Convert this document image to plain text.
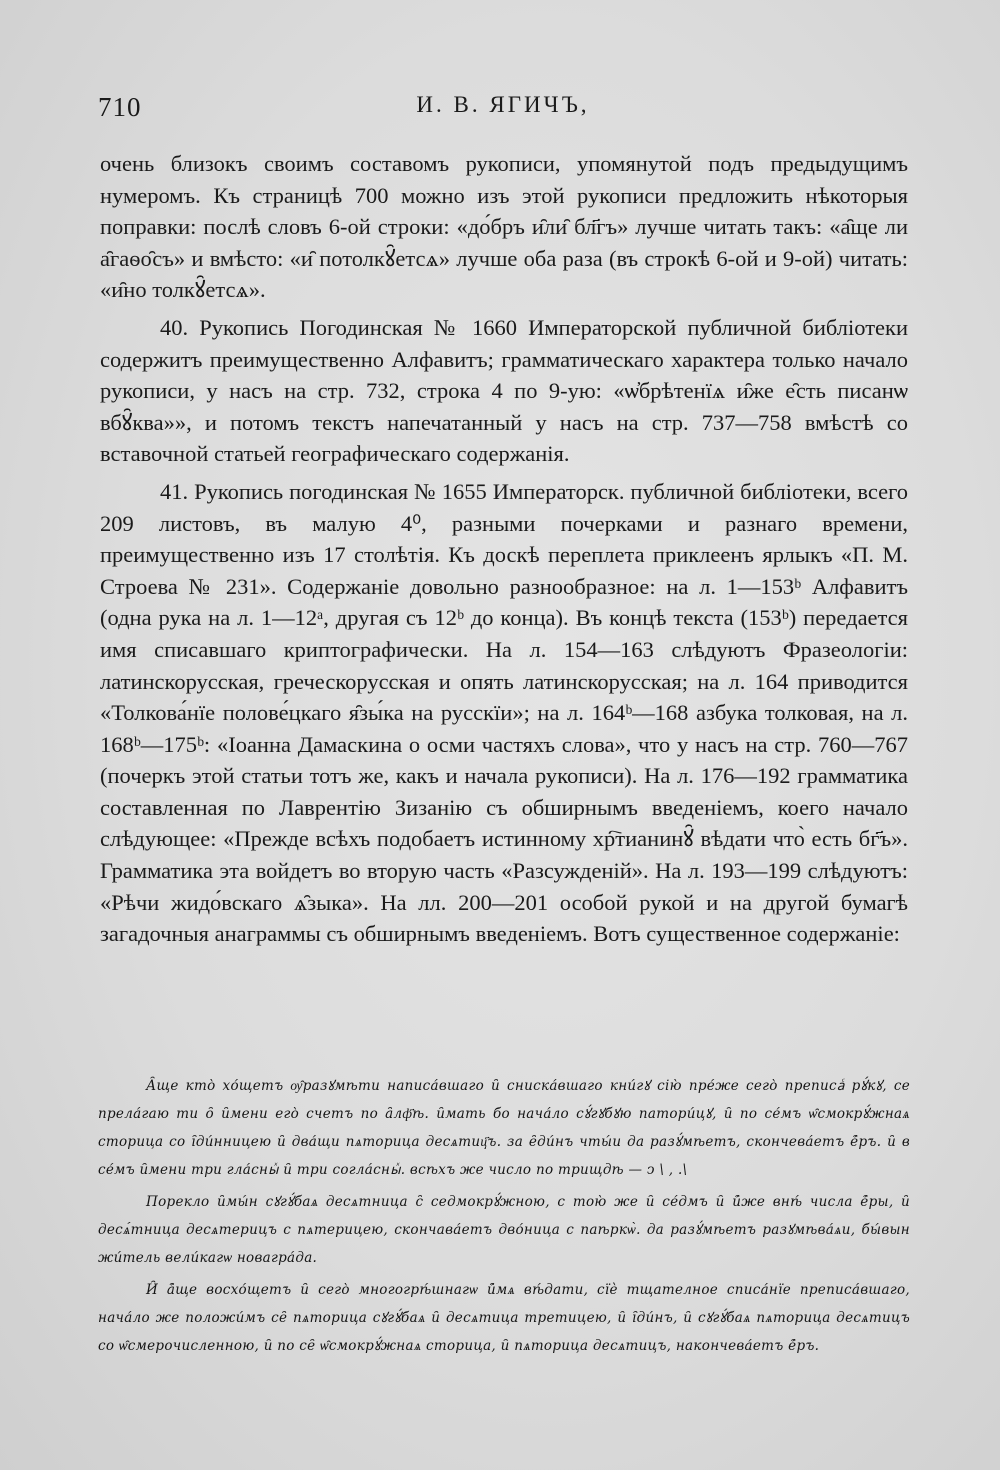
710	И. В. ЯГИЧЪ,

очень близокъ своимъ составомъ рукописи, упомянутой подъ предыдущимъ нумеромъ. Къ страницѣ 700 можно изъ этой рукописи предложить нѣкоторыя поправки: послѣ словъ 6-ой строки: «до́бръ и̑ли̑ бл҃гъ» лучше читать такъ: «а̑ще ли а̑гаѳо̑съ» и вмѣсто: «и̑ потолкꙋ̑етсѧ» лучше оба раза (въ строкѣ 6-ой и 9-ой) читать: «и̑но толкꙋ̑етсѧ».

40. Рукопись Погодинская № 1660 Императорской публичной библіотеки содержитъ преимущественно Алфавитъ; грамматическаго характера только начало рукописи, у насъ на стр. 732, строка 4 по 9-ую: «ѡ҆брѣтенїѧ и̑же е̑сть писанѡ вбꙋ̑ква»», и потомъ текстъ напечатанный у насъ на стр. 737—758 вмѣстѣ со вставочной статьей географическаго содержанія.

41. Рукопись погодинская № 1655 Императорск. публичной библіотеки, всего 209 листовъ, въ малую 4⁰, разными почерками и разнаго времени, преимущественно изъ 17 столѣтія. Къ доскѣ переплета приклеенъ ярлыкъ «П. М. Строева № 231». Содержаніе довольно разнообразное: на л. 1—153ᵇ Алфавитъ (одна рука на л. 1—12ᵃ, другая съ 12ᵇ до конца). Въ концѣ текста (153ᵇ) передается имя списавшаго криптографически. На л. 154—163 слѣдуютъ Фразеологіи: латинскорусская, греческорусская и опять латинскорусская; на л. 164 приводится «Толкова́нїе полове́цкаго я̑зы́ка на русскїи»; на л. 164ᵇ—168 азбука толковая, на л. 168ᵇ—175ᵇ: «Іоанна Дамаскина о осми частяхъ слова», что у насъ на стр. 760—767 (почеркъ этой статьи тотъ же, какъ и начала рукописи). На л. 176—192 грамматика составленная по Лаврентію Зизанію съ обширнымъ введеніемъ, коего начало слѣдующее: «Прежде всѣхъ подобаетъ истинному хр҇тианинꙋ̑ вѣдати что̀ есть бг҃ъ». Грамматика эта войдетъ во вторую часть «Разсужденій». На л. 193—199 слѣдуютъ: «Рѣчи жидо́вскаго ѧ̑зыка». На лл. 200—201 особой рукой и на другой бумагѣ загадочныя анаграммы съ обширнымъ введеніемъ. Вотъ существенное содержаніе:

А̑ще кто̀ хо́щетъ ѹ̑разꙋмѣти написа́вшаго и̑ сниска́вшаго кни́гꙋ сію̀ пре́же сего̀ преписаⷭ рꙋ́кꙋ, се прела́гаю ти о̑ и̑мени его̀ счетъ по а̑лф҃ѣ. и̑мать бо нача́ло сꙋ́гꙋбꙋю патори́цꙋ, и̑ по се́мъ ѡ̑смокрꙋ́жнаѧ сторица со і̑ди́нницею и̑ два́щи пѧторица десѧтиц҃ъ. за е̑ди́нъ чты́и да разꙋ́мѣетъ, скончева́етъ е̑́ръ. и̑ в се́мъ и̑мени три гла́сныⷯ и̑ три согла́сныⷯ. всѣхъ же число по трищдѣ — ͻ \ , .\

Порекло и̑мы́н сꙋгꙋ́баѧ десѧтница с̑ седмокрꙋ́жною, с тою̀ же и̑ се́дмъ и̑ и̑́же внѣ́ числа е̑́ры, и̑ десѧ́тница десѧтерицъ с пѧтерицею, скончава́етъ дво́ница с паѣркѡ̀. да разꙋ́мѣетъ разꙋмѣва́ѧи, бы́вын жи́тель вели́кагѡ новагра́да.

И̑ а̑́ще восхо́щетъ и̑ сего̀ многогрѣ́шнагѡ и̑́мѧ вѣ́дати, сїѐ тщателное списа́нїе преписа́вшаго, нача́ло же положи́мъ се̑ пѧторица сꙋгꙋ́баѧ и̑ десѧтица третицею, и̑ і̑ди́нъ, и̑ сꙋгꙋ́баѧ пѧторица десѧтицъ со ѡ̑смерочисленною, и̑ по се̑ ѡ̑смокрꙋ́жнаѧ сторица, и̑ пѧторица десѧтицъ, накончева́етъ е̑́ръ.
